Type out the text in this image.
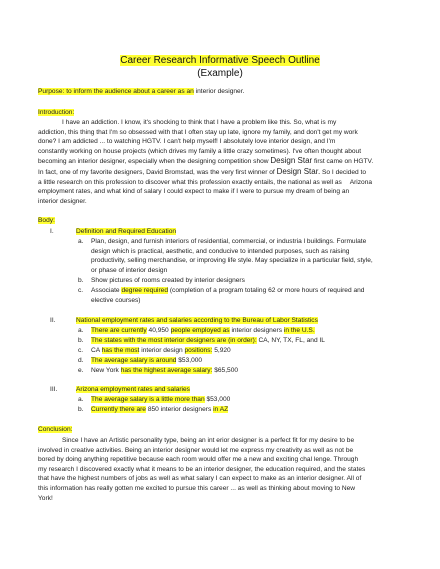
Career Research Informative Speech Outline
(Example)
Purpose: to inform the audience about a career as an interior designer.
Introduction:
I have an addiction. I know, it's shocking to think that I have a problem like this. So, what is my
addiction, this thing that I'm so obsessed with that I often stay up late, ignore my family, and don't get my work
done? I am addicted ... to watching HGTV. I can't help myself! I absolutely love interior design, and I'm
constantly working on house projects (which drives my family a little crazy sometimes). I've often thought about
becoming an interior designer, especially when the designing competition show Design Star first came on HGTV.
In fact, one of my favorite designers, David Bromstad, was the very first winner of Design Star. So I decided to
a little research on this profession to discover what this profession exactly entails, the national as well as Arizona
employment rates, and what kind of salary I could expect to make if I were to pursue my dream of being an
interior designer.
Body:
I.	Definition and Required Education
a. Plan, design, and furnish interiors of residential, commercial, or industria l buildings. Formulate
design which is practical, aesthetic, and conducive to intended purposes, such as raising
productivity, selling merchandise, or improving life style. May specialize in a particular field, style,
or phase of interior design
b. Show pictures of rooms created by interior designers
c. Associate degree required (completion of a program totaling 62 or more hours of required and
elective courses)
II.	National employment rates and salaries according to the Bureau of Labor Statistics
a. There are currently 40,950 people employed as interior designers in the U.S.
b. The states with the most interior designers are (in order): CA, NY, TX, FL, and IL
c. CA has the most interior design positions: 5,920
d. The average salary is around $53,000
e. New York has the highest average salary: $65,500
III.	Arizona employment rates and salaries
a. The average salary is a little more than $53,000
b. Currently there are 850 interior designers in AZ
Conclusion:
Since I have an Artistic personality type, being an int erior designer is a perfect fit for my desire to be
involved in creative activities. Being an interior designer would let me express my creativity as well as not be
bored by doing anything repetitive because each room would offer me a new and exciting chal lenge. Through
my research I discovered exactly what it means to be an interior designer, the education required, and the states
that have the highest numbers of jobs as well as what salary I can expect to make as an interior designer. All of
this information has really gotten me excited to pursue this career ... as well as thinking about moving to New
York!
